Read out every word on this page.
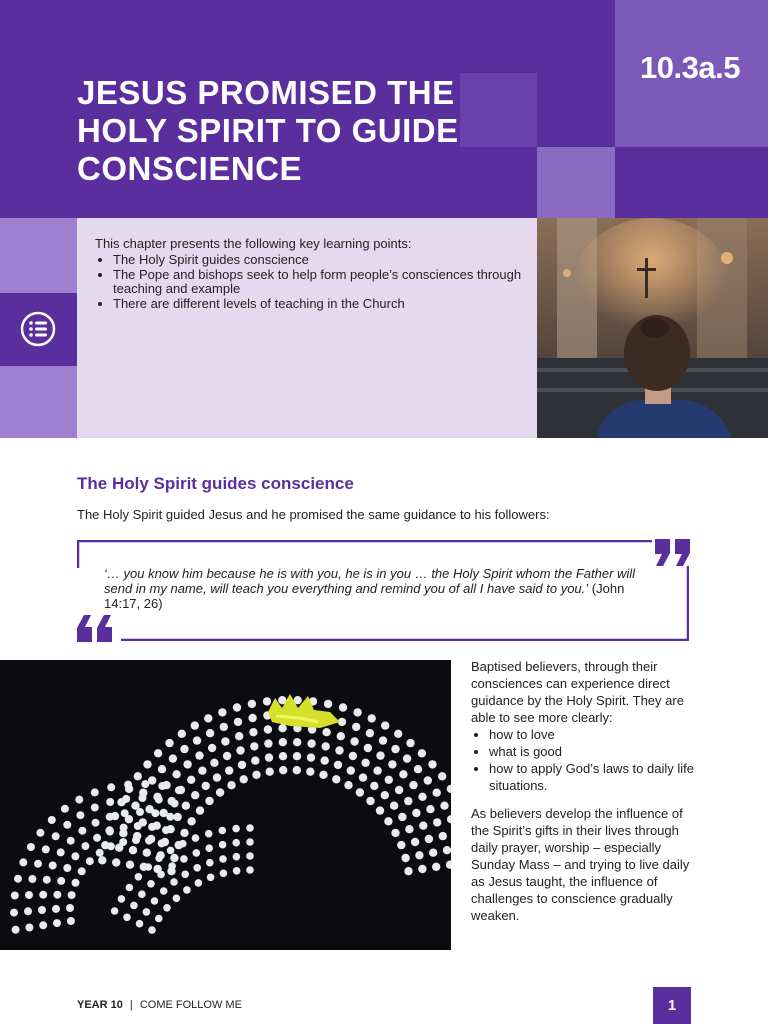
JESUS PROMISED THE HOLY SPIRIT TO GUIDE CONSCIENCE
10.3a.5

This chapter presents the following key learning points:

• The Holy Spirit guides conscience
• The Pope and bishops seek to help form people’s consciences through teaching and example
• There are different levels of teaching in the Church
The Holy Spirit guides conscience

The Holy Spirit guided Jesus and he promised the same guidance to his followers:

‘… you know him because he is with you, he is in you … the Holy Spirit whom the Father will send in my name, will teach you everything and remind you of all I have said to you.’ (John 14:17, 26)

Baptised believers, through their consciences can experience direct guidance by the Holy Spirit. They are able to see more clearly:

• how to love
• what is good
• how to apply God’s laws to daily life situations.

As believers develop the influence of the Spirit’s gifts in their lives through daily prayer, worship – especially Sunday Mass – and trying to live daily as Jesus taught, the influence of challenges to conscience gradually weaken.

YEAR 10 | COME FOLLOW ME	1
